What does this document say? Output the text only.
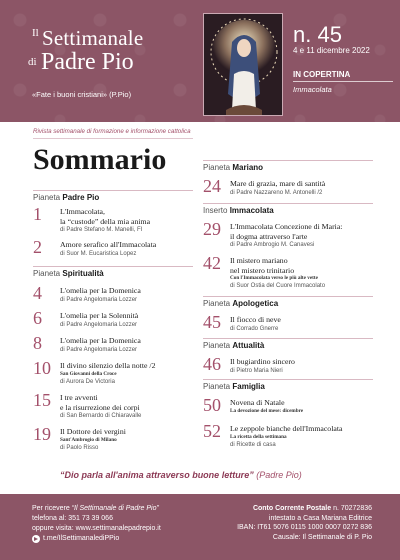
Il Settimanale
di Padre Pio
«Fate i buoni cristiani» (P.Pio)
n. 45
4 e 11 dicembre 2022
IN COPERTINA
Immacolata
Rivista settimanale di formazione e informazione cattolica
Sommario
Pianeta Padre Pio
1	L'Immacolata,
la “custode” della mia anima
di Padre Stefano M. Manelli, FI
2	Amore serafico all'Immacolata
di Suor M. Eucaristica Lopez
Pianeta Spiritualità
4	L'omelia per la Domenica
di Padre Angelomaria Lozzer
6	L'omelia per la Solennità
di Padre Angelomaria Lozzer
8	L'omelia per la Domenica
di Padre Angelomaria Lozzer
10	Il divino silenzio della notte /2
San Giovanni della Croce
di Aurora De Victoria
15	I tre avventi
e la risurrezione dei corpi
di San Bernardo di Chiaravalle
19	Il Dottore dei vergini
Sant'Ambrogio di Milano
di Paolo Risso
Pianeta Mariano
24	Mare di grazia, mare di santità
di Padre Nazzareno M. Antonelli /2
Inserto Immacolata
29	L'Immacolata Concezione di Maria:
il dogma attraverso l'arte
di Padre Ambrogio M. Canavesi
42	Il mistero mariano
nel mistero trinitario
Con l'Immacolata verso le più alte vette
di Suor Ostia del Cuore Immacolato
Pianeta Apologetica
45	Il fiocco di neve
di Corrado Gnerre
Pianeta Attualità
46	Il bugiardino sincero
di Pietro Maria Nieri
Pianeta Famiglia
50	Novena di Natale
La devozione del mese: dicembre
52	Le zeppole bianche dell'Immacolata
La ricetta della settimana
di Ricette di casa
“Dio parla all'anima attraverso buone letture” (Padre Pio)
Per ricevere “Il Settimanale di Padre Pio”
telefona al: 351 73 39 066
oppure visita: www.settimanalepadrepio.it
t.me/IlSettimanalediPPio
Conto Corrente Postale n. 70272836
intestato a Casa Mariana Editrice
IBAN: IT61 5076 0115 1000 0007 0272 836
Causale: Il Settimanale di P. Pio
